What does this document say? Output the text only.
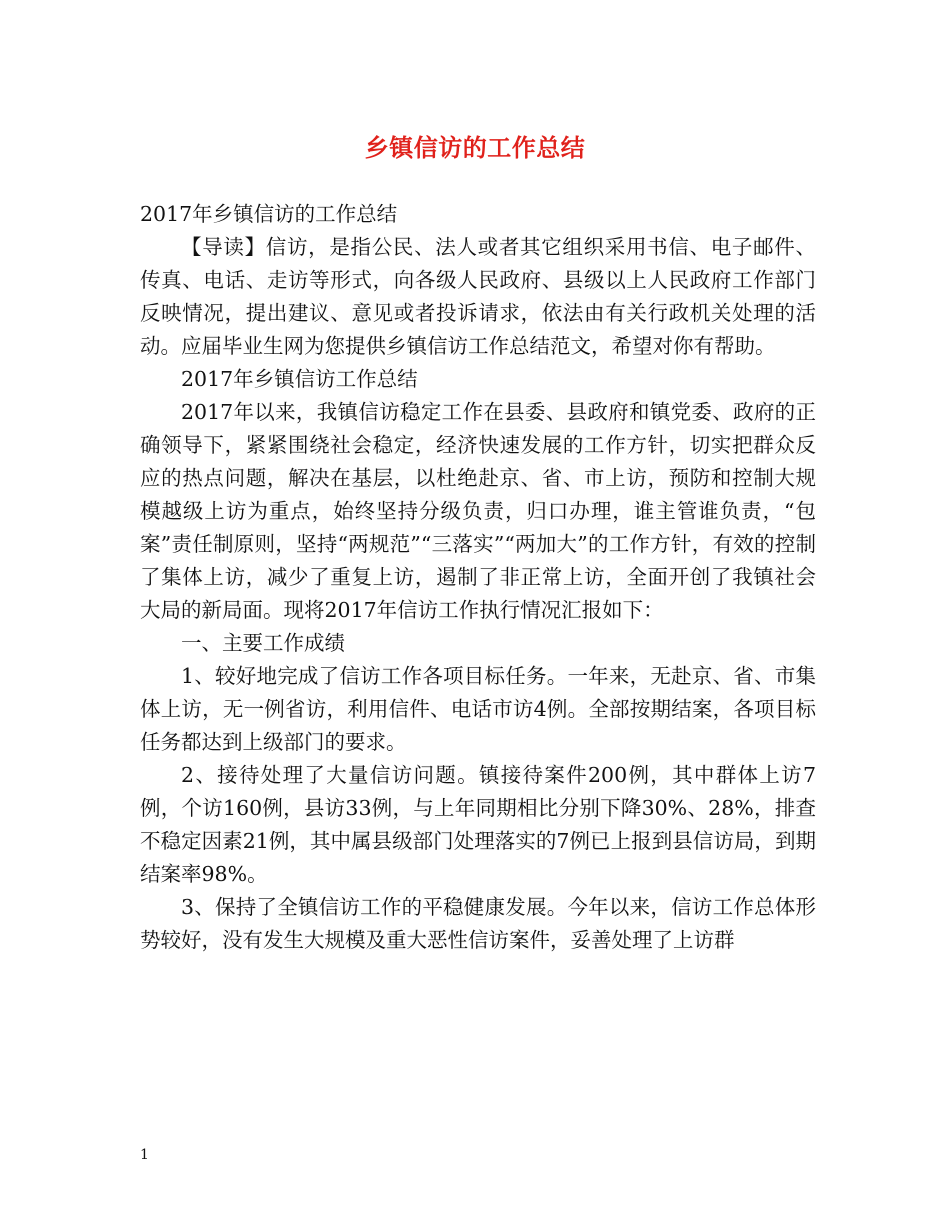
乡镇信访的工作总结

2017年乡镇信访的工作总结

【导读】信访，是指公民、法人或者其它组织采用书信、电子邮件、传真、电话、走访等形式，向各级人民政府、县级以上人民政府工作部门反映情况，提出建议、意见或者投诉请求，依法由有关行政机关处理的活动。应届毕业生网为您提供乡镇信访工作总结范文，希望对你有帮助。

2017年乡镇信访工作总结

2017年以来，我镇信访稳定工作在县委、县政府和镇党委、政府的正确领导下，紧紧围绕社会稳定，经济快速发展的工作方针，切实把群众反应的热点问题，解决在基层，以杜绝赴京、省、市上访，预防和控制大规模越级上访为重点，始终坚持分级负责，归口办理，谁主管谁负责，“包案”责任制原则，坚持“两规范”“三落实”“两加大”的工作方针，有效的控制了集体上访，减少了重复上访，遏制了非正常上访，全面开创了我镇社会大局的新局面。现将2017年信访工作执行情况汇报如下：

一、主要工作成绩

1、较好地完成了信访工作各项目标任务。一年来，无赴京、省、市集体上访，无一例省访，利用信件、电话市访4例。全部按期结案，各项目标任务都达到上级部门的要求。

2、接待处理了大量信访问题。镇接待案件200例，其中群体上访7例，个访160例，县访33例，与上年同期相比分别下降30%、28%，排查不稳定因素21例，其中属县级部门处理落实的7例已上报到县信访局，到期结案率98%。

3、保持了全镇信访工作的平稳健康发展。今年以来，信访工作总体形势较好，没有发生大规模及重大恶性信访案件，妥善处理了上访群

1
